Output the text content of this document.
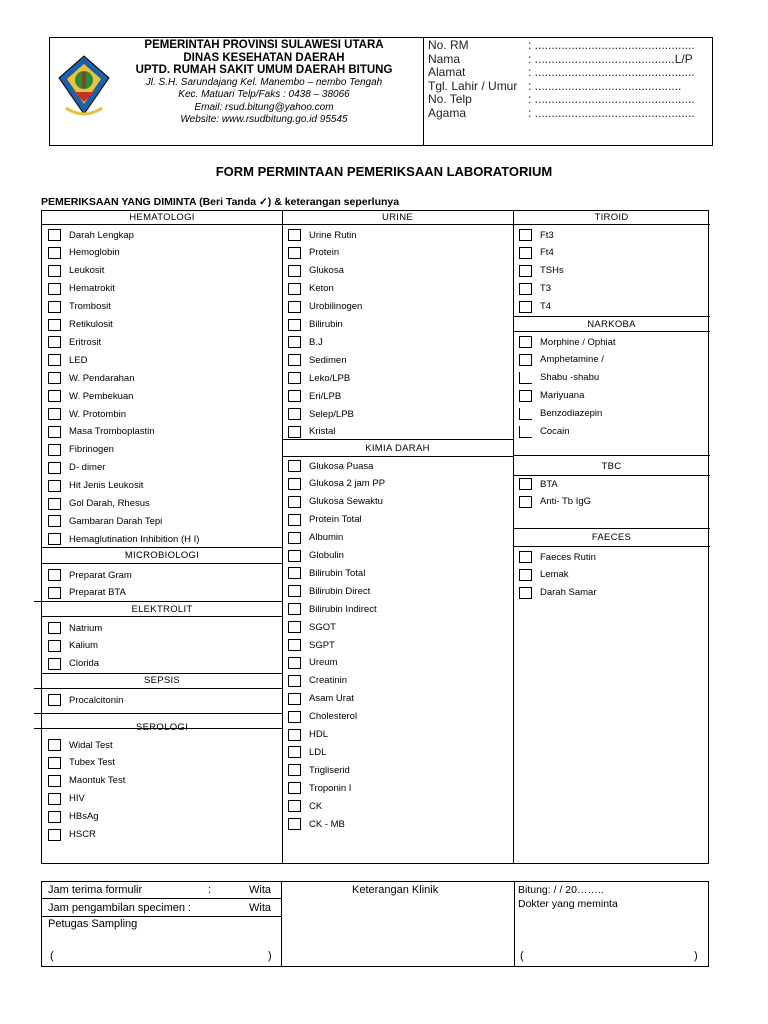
PEMERINTAH PROVINSI SULAWESI UTARA
DINAS KESEHATAN DAERAH
UPTD. RUMAH SAKIT UMUM DAERAH BITUNG
Jl. S.H. Sarundajang Kel. Manembo – nembo Tengah
Kec. Matuari Telp/Faks : 0438 – 38066
Email: rsud.bitung@yahoo.com
Website: www.rsudbitung.go.id 95545
No. RM	: ................................................
Nama	: ..........................................L/P
Alamat	: ................................................
Tgl. Lahir / Umur : ............................................
No. Telp	: ................................................
Agama	: ................................................
FORM PERMINTAAN PEMERIKSAAN LABORATORIUM
PEMERIKSAAN YANG DIMINTA (Beri Tanda ✓) & keterangan seperlunya
HEMATOLOGI
Darah Lengkap
Hemoglobin
Leukosit
Hematrokit
Trombosit
Retikulosit
Eritrosit
LED
W. Pendarahan
W. Pembekuan
W. Protombin
Masa Tromboplastin
Fibrinogen
D- dimer
Hit Jenis Leukosit
Gol Darah, Rhesus
Gambaran Darah Tepi
Hemaglutination Inhibition (H I)
MICROBIOLOGI
Preparat Gram
Preparat BTA
ELEKTROLIT
Natrium
Kalium
Clorida
SEPSIS
Procalcitonin
Widal Test
Tubex Test
Maontuk Test
HIV
HBsAg
HSCR
URINE
Urine Rutin
Protein
Glukosa
Keton
Urobilinogen
Bilirubin
B.J
Sedimen
Leko/LPB
Eri/LPB
Selep/LPB
Kristal
KIMIA DARAH
Glukosa Puasa
Glukosa 2 jam PP
Glukosa Sewaktu
Protein Total
Albumin
Globulin
Bilirubin Total
Bilirubin Direct
Bilirubin Indirect
SGOT
SGPT
Ureum
Creatinin
Asam Urat
Cholesterol
HDL
LDL
Trigliserid
Troponin I
CK
CK - MB
TIROID
Ft3
Ft4
TSHs
T3
T4
NARKOBA
Morphine / Ophiat
Amphetamine /
Shabu -shabu
Mariyuana
Benzodiazepin
Cocain
TBC
BTA
Anti- Tb IgG
FAECES
Faeces Rutin
Lemak
Darah Samar
Jam terima formulir	:	Wita
Jam pengambilan specimen :	Wita
Petugas Sampling
(	)
Keterangan Klinik	Bitung: / / 20……..
Dokter yang meminta
(	)
